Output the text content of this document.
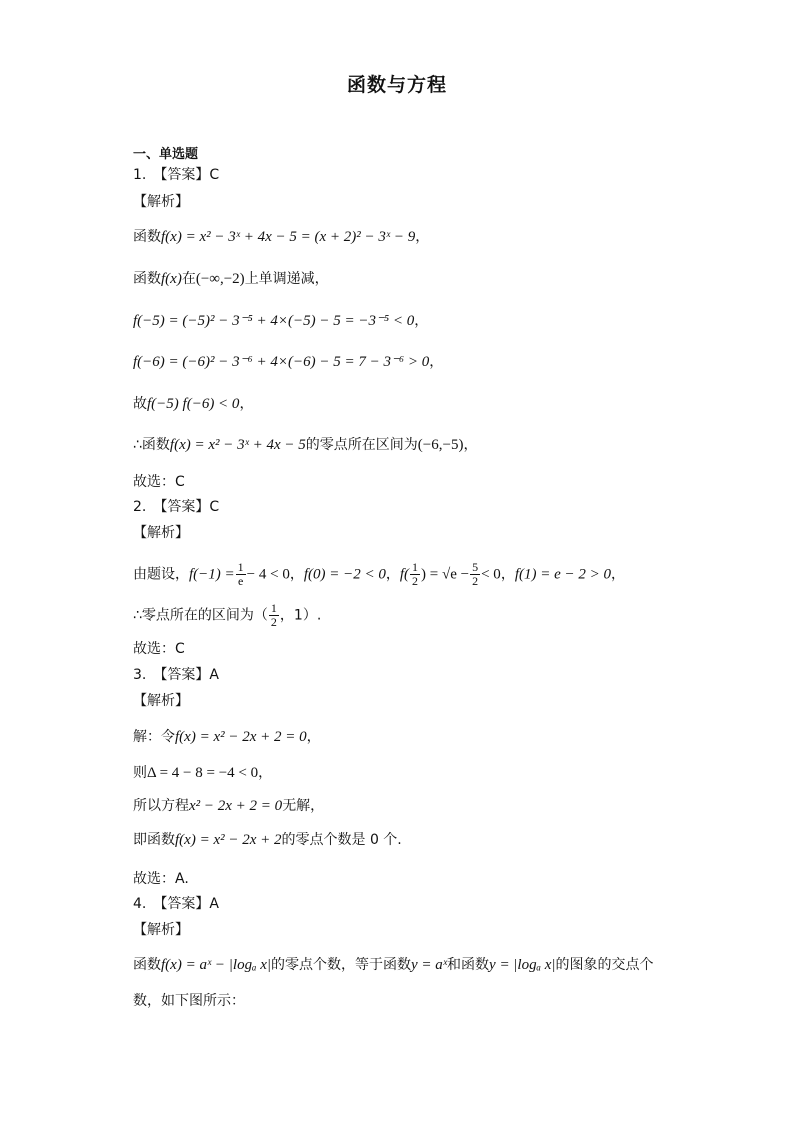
函数与方程
一、单选题
1.　【答案】C
【解析】
函数f(x) = x² − 3ˣ + 4x − 5 = (x + 2)² − 3ˣ − 9，
函数f(x)在(−∞,−2)上单调递减，
f(−5) = (−5)² − 3⁻⁵ + 4×(−5) − 5 = −3⁻⁵ < 0，
f(−6) = (−6)² − 3⁻⁶ + 4×(−6) − 5 = 7 − 3⁻⁶ > 0，
故f(−5) f(−6) < 0，
∴函数f(x) = x² − 3ˣ + 4x − 5的零点所在区间为(−6,−5)，
故选：C
2.　【答案】C
【解析】
由题设，$f(-1) = \frac{1}{e} - 4 < 0$，f(0) = −2 < 0，$f( \frac{1}{2}$ ) = $√e - \frac{5}{2} < 0$，f(1) = e − 2 > 0，
∴零点所在的区间为（ $\frac{1}{2}$ ，1）.
故选：C
3.　【答案】A
【解析】
解：令f(x) = x² − 2x + 2 = 0，
则Δ = 4 − 8 = −4 < 0，
所以方程x² − 2x + 2 = 0无解，
即函数f(x) = x² − 2x + 2的零点个数是 0 个.
故选：A.
4.　【答案】A
【解析】
函数f(x) = aˣ − |logₐ x|的零点个数，等于函数y = aˣ和函数y = |logₐ x|的图象的交点个
数，如下图所示：
